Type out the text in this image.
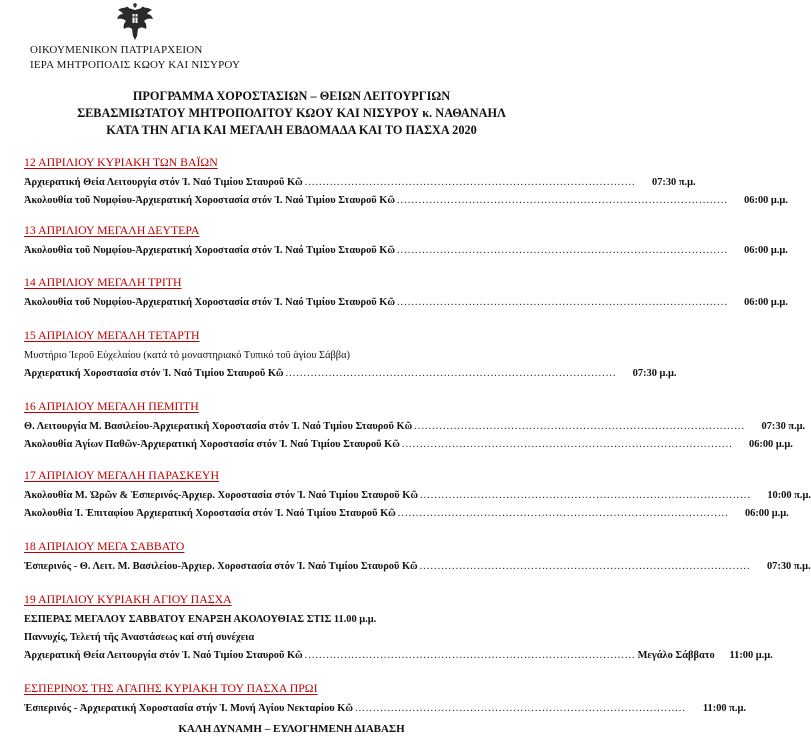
ΟΙΚΟΥΜΕΝΙΚΟΝ ΠΑΤΡΙΑΡΧΕΙΟΝ
ΙΕΡΑ ΜΗΤΡΟΠΟΛΙΣ ΚΩΟΥ ΚΑΙ ΝΙΣΥΡΟΥ
ΠΡΟΓΡΑΜΜΑ ΧΟΡΟΣΤΑΣΙΩΝ – ΘΕΙΩΝ ΛΕΙΤΟΥΡΓΙΩΝ
ΣΕΒΑΣΜΙΩΤΑΤΟΥ ΜΗΤΡΟΠΟΛΙΤΟΥ ΚΩΟΥ ΚΑΙ ΝΙΣΥΡΟΥ κ. ΝΑΘΑΝΑΗΛ
ΚΑΤΑ ΤΗΝ ΑΓΙΑ ΚΑΙ ΜΕΓΑΛΗ ΕΒΔΟΜΑΔΑ ΚΑΙ ΤΟ ΠΑΣΧΑ 2020
12 ΑΠΡΙΛΙΟΥ ΚΥΡΙΑΚΗ ΤΩΝ ΒΑΪΩΝ
Ἀρχιερατική Θεία Λειτουργία στόν Ἰ. Ναό Τιμίου Σταυροῦ Κῶ ............................................................................................	07:30 π.μ.
Ἀκολουθία τοῦ Νυμφίου-Ἀρχιερατική Χοροστασία στόν Ἰ. Ναό Τιμίου Σταυροῦ Κῶ ............................................................................................	06:00 μ.μ.
13 ΑΠΡΙΛΙΟΥ ΜΕΓΑΛΗ ΔΕΥΤΕΡΑ
Ἀκολουθία τοῦ Νυμφίου-Ἀρχιερατική Χοροστασία στόν Ἰ. Ναό Τιμίου Σταυροῦ Κῶ ............................................................................................	06:00 μ.μ.
14 ΑΠΡΙΛΙΟΥ ΜΕΓΑΛΗ ΤΡΙΤΗ
Ἀκολουθία τοῦ Νυμφίου-Ἀρχιερατική Χοροστασία στόν Ἰ. Ναό Τιμίου Σταυροῦ Κῶ ............................................................................................	06:00 μ.μ.
15 ΑΠΡΙΛΙΟΥ ΜΕΓΑΛΗ ΤΕΤΑΡΤΗ
Μυστήριο Ἱεροῦ Εὐχελαίου (κατά τό μοναστηριακό Τυπικό τοῦ ἁγίου Σάββα)
Ἀρχιερατική Χοροστασία στόν Ἰ. Ναό Τιμίου Σταυροῦ Κῶ ............................................................................................	07:30 μ.μ.
16 ΑΠΡΙΛΙΟΥ ΜΕΓΑΛΗ ΠΕΜΠΤΗ
Θ. Λειτουργία Μ. Βασιλείου-Ἀρχιερατική Χοροστασία στόν Ἰ. Ναό Τιμίου Σταυροῦ Κῶ ............................................................................................	07:30 π.μ.
Ἀκολουθία Ἁγίων Παθῶν-Ἀρχιερατική Χοροστασία στόν Ἰ. Ναό Τιμίου Σταυροῦ Κῶ ............................................................................................	06:00 μ.μ.
17 ΑΠΡΙΛΙΟΥ ΜΕΓΑΛΗ ΠΑΡΑΣΚΕΥΗ
Ἀκολουθία Μ. Ὡρῶν & Ἑσπερινός-Ἀρχιερ. Χοροστασία στόν Ἰ. Ναό Τιμίου Σταυροῦ Κῶ ............................................................................................	10:00 π.μ.
Ἀκολουθία Ἰ. Ἐπιταφίου Ἀρχιερατική Χοροστασία στόν Ἰ. Ναό Τιμίου Σταυροῦ Κῶ ............................................................................................	06:00 μ.μ.
18 ΑΠΡΙΛΙΟΥ ΜΕΓΑ ΣΑΒΒΑΤΟ
Ἑσπερινός - Θ. Λειτ. Μ. Βασιλείου-Ἀρχιερ. Χοροστασία στόν Ἰ. Ναό Τιμίου Σταυροῦ Κῶ ............................................................................................	07:30 π.μ.
19 ΑΠΡΙΛΙΟΥ ΚΥΡΙΑΚΗ ΑΓΙΟΥ ΠΑΣΧΑ
ΕΣΠΕΡΑΣ ΜΕΓΑΛΟΥ ΣΑΒΒΑΤΟΥ ΕΝΑΡΞΗ ΑΚΟΛΟΥΘΙΑΣ ΣΤΙΣ 11.00 μ.μ.
Παννυχίς, Τελετή τῆς Ἀναστάσεως καί στή συνέχεια
Ἀρχιερατική Θεία Λειτουργία στόν Ἰ. Ναό Τιμίου Σταυροῦ Κῶ ............................................................................................ Μεγάλο Σάββατο	11:00 μ.μ.
ΕΣΠΕΡΙΝΟΣ ΤΗΣ ΑΓΑΠΗΣ ΚΥΡΙΑΚΗ ΤΟΥ ΠΑΣΧΑ ΠΡΩΙ
Ἑσπερινός - Ἀρχιερατική Χοροστασία στήν Ἰ. Μονή Ἁγίου Νεκταρίου Κῶ ............................................................................................	11:00 π.μ.
ΚΑΛΗ ΔΥΝΑΜΗ – ΕΥΛΟΓΗΜΕΝΗ ΔΙΑΒΑΣΗ
